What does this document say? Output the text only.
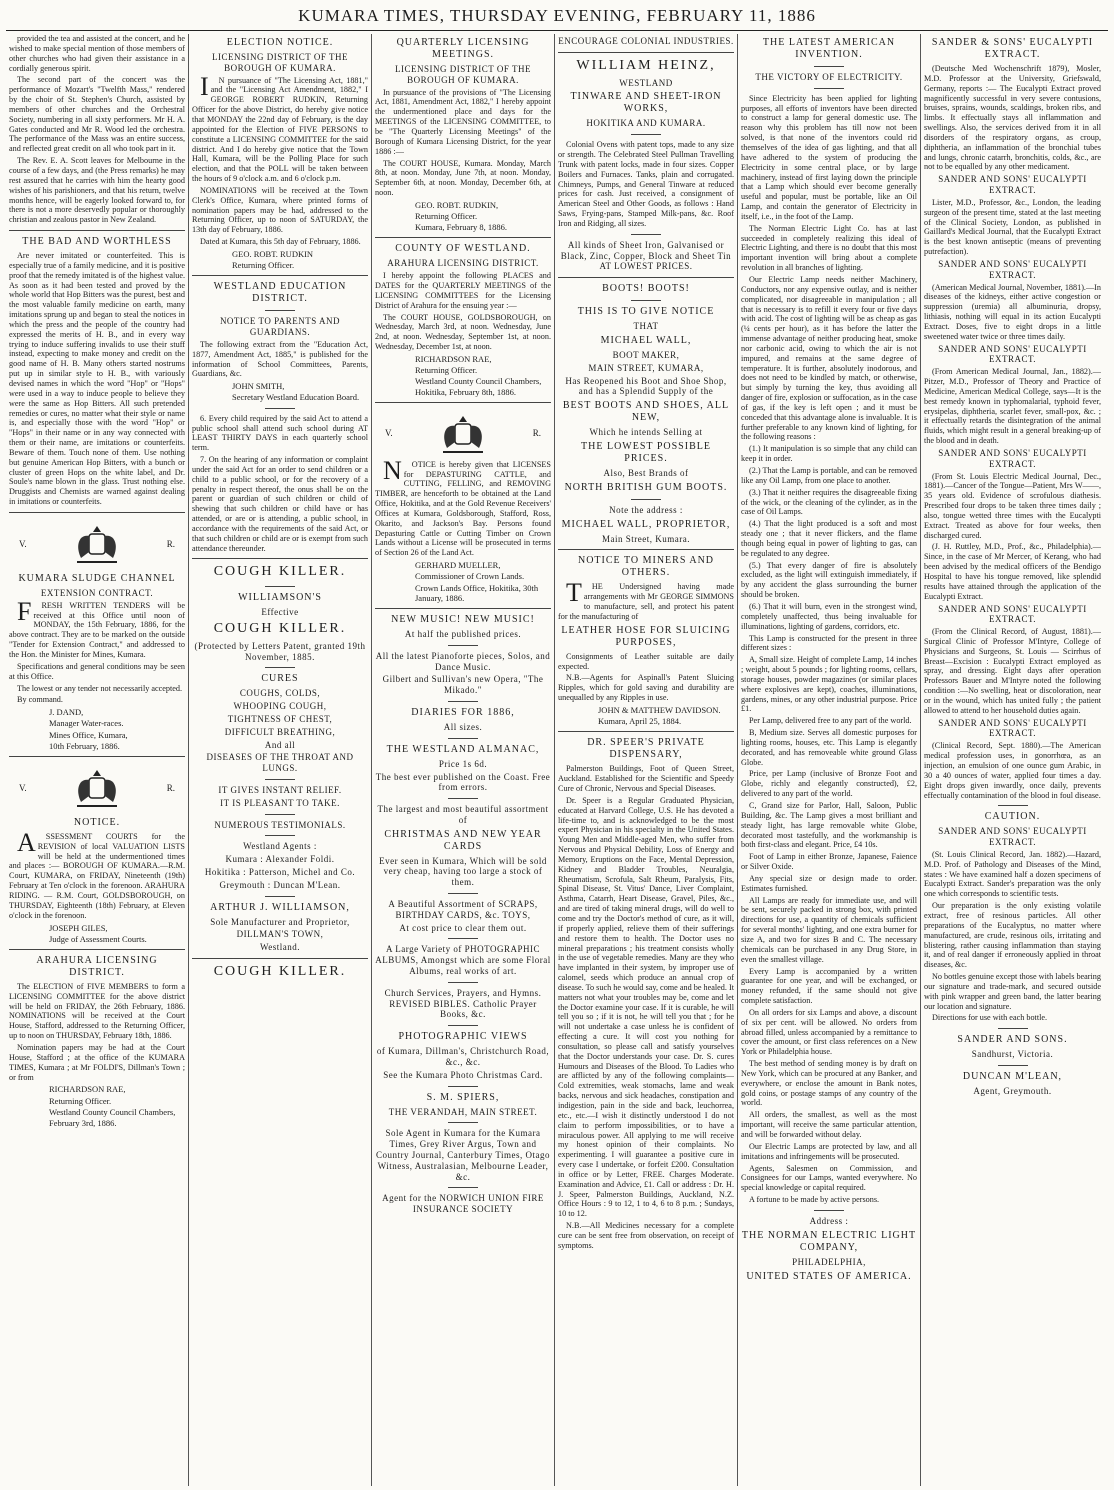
KUMARA TIMES, THURSDAY EVENING, FEBRUARY 11, 1886

provided the tea and assisted at the concert, and he wished to make special mention of those members of other churches who had given their assistance in a cordially generous spirit.

The second part of the concert was the performance of Mozart's "Twelfth Mass," rendered by the choir of St. Stephen's Church, assisted by members of other churches and the Orchestral Society, numbering in all sixty performers. Mr H. A. Gates conducted and Mr R. Wood led the orchestra. The performance of the Mass was an entire success, and reflected great credit on all who took part in it.

The Rev. E. A. Scott leaves for Melbourne in the course of a few days, and (the Press remarks) he may rest assured that he carries with him the hearty good wishes of his parishioners, and that his return, twelve months hence, will be eagerly looked forward to, for there is not a more deservedly popular or thoroughly christian and zealous pastor in New Zealand.

THE BAD AND WORTHLESS

Are never imitated or counterfeited. This is especially true of a family medicine, and it is positive proof that the remedy imitated is of the highest value. As soon as it had been tested and proved by the whole world that Hop Bitters was the purest, best and the most valuable family medicine on earth, many imitations sprung up and began to steal the notices in which the press and the people of the country had expressed the merits of H. B., and in every way trying to induce suffering invalids to use their stuff instead, expecting to make money and credit on the good name of H. B. Many others started nostrums put up in similar style to H. B., with variously devised names in which the word "Hop" or "Hops" were used in a way to induce people to believe they were the same as Hop Bitters. All such pretended remedies or cures, no matter what their style or name is, and especially those with the word "Hop" or "Hops" in their name or in any way connected with them or their name, are imitations or counterfeits. Beware of them. Touch none of them. Use nothing but genuine American Hop Bitters, with a bunch or cluster of green Hops on the white label, and Dr. Soule's name blown in the glass. Trust nothing else. Druggists and Chemists are warned against dealing in imitations or counterfeits.

V.	R.
KUMARA SLUDGE CHANNEL
EXTENSION CONTRACT.

FRESH WRITTEN TENDERS will be received at this Office until noon of MONDAY, the 15th February, 1886, for the above contract. They are to be marked on the outside "Tender for Extension Contract," and addressed to the Hon. the Minister for Mines, Kumara.

Specifications and general conditions may be seen at this Office.

The lowest or any tender not necessarily accepted.

By command.

J. DAND,
Manager Water-races.
Mines Office, Kumara,
10th February, 1886.
V.	R.
NOTICE.

ASSESSMENT COURTS for the REVISION of local VALUATION LISTS will be held at the undermentioned times and places :— BOROUGH OF KUMARA.—R.M. Court, KUMARA, on FRIDAY, Nineteenth (19th) February at Ten o'clock in the forenoon. ARAHURA RIDING. — R.M. Court, GOLDSBOROUGH, on THURSDAY, Eighteenth (18th) February, at Eleven o'clock in the forenoon.

JOSEPH GILES,
Judge of Assessment Courts.
ARAHURA LICENSING DISTRICT.

The ELECTION of FIVE MEMBERS to form a LICENSING COMMITTEE for the above district will be held on FRIDAY, the 26th February, 1886. NOMINATIONS will be received at the Court House, Stafford, addressed to the Returning Officer, up to noon on THURSDAY, February 18th, 1886.

Nomination papers may be had at the Court House, Stafford ; at the office of the KUMARA TIMES, Kumara ; at Mr FOLDI'S, Dillman's Town ; or from

RICHARDSON RAE,
Returning Officer.
Westland County Council Chambers,
February 3rd, 1886.
ELECTION NOTICE.
LICENSING DISTRICT OF THE BOROUGH OF KUMARA.

IN pursuance of "The Licensing Act, 1881," and the "Licensing Act Amendment, 1882," I GEORGE ROBERT RUDKIN, Returning Officer for the above District, do hereby give notice that MONDAY the 22nd day of February, is the day appointed for the Election of FIVE PERSONS to constitute a LICENSING COMMITTEE for the said district. And I do hereby give notice that the Town Hall, Kumara, will be the Polling Place for such election, and that the POLL will be taken between the hours of 9 o'clock a.m. and 6 o'clock p.m.

NOMINATIONS will be received at the Town Clerk's Office, Kumara, where printed forms of nomination papers may be had, addressed to the Returning Officer, up to noon of SATURDAY, the 13th day of February, 1886.

Dated at Kumara, this 5th day of February, 1886.

GEO. ROBT. RUDKIN
Returning Officer.
WESTLAND EDUCATION DISTRICT.
NOTICE TO PARENTS AND GUARDIANS.

The following extract from the "Education Act, 1877, Amendment Act, 1885," is published for the information of School Committees, Parents, Guardians, &c.

JOHN SMITH,
Secretary Westland Education Board.

6. Every child required by the said Act to attend a public school shall attend such school during AT LEAST THIRTY DAYS in each quarterly school term.

7. On the hearing of any information or complaint under the said Act for an order to send children or a child to a public school, or for the recovery of a penalty in respect thereof, the onus shall be on the parent or guardian of such children or child of shewing that such children or child have or has attended, or are or is attending, a public school, in accordance with the requirements of the said Act, or that such children or child are or is exempt from such attendance thereunder.

COUGH KILLER.
WILLIAMSON'S
Effective
COUGH KILLER.
(Protected by Letters Patent, granted 19th November, 1885.
CURES
COUGHS, COLDS,
WHOOPING COUGH,
TIGHTNESS OF CHEST,
DIFFICULT BREATHING,
And all
DISEASES OF THE THROAT AND LUNGS.
IT GIVES INSTANT RELIEF.
IT IS PLEASANT TO TAKE.
NUMEROUS TESTIMONIALS.
Westland Agents :
Kumara : Alexander Foldi.
Hokitika : Patterson, Michel and Co.
Greymouth : Duncan M'Lean.
ARTHUR J. WILLIAMSON,
Sole Manufacturer and Proprietor,
DILLMAN'S TOWN,
Westland.
COUGH KILLER.
QUARTERLY LICENSING MEETINGS.
LICENSING DISTRICT OF THE BOROUGH OF KUMARA.

In pursuance of the provisions of "The Licensing Act, 1881, Amendment Act, 1882," I hereby appoint the undermentioned place and days for the MEETINGS of the LICENSING COMMITTEE, to be "The Quarterly Licensing Meetings" of the Borough of Kumara Licensing District, for the year 1886 :—

The COURT HOUSE, Kumara. Monday, March 8th, at noon. Monday, June 7th, at noon. Monday, September 6th, at noon. Monday, December 6th, at noon.

GEO. ROBT. RUDKIN,
Returning Officer.
Kumara, February 8, 1886.
COUNTY OF WESTLAND.
ARAHURA LICENSING DISTRICT.

I hereby appoint the following PLACES and DATES for the QUARTERLY MEETINGS of the LICENSING COMMITTEES for the Licensing District of Arahura for the ensuing year :—

The COURT HOUSE, GOLDSBOROUGH, on Wednesday, March 3rd, at noon. Wednesday, June 2nd, at noon. Wednesday, September 1st, at noon. Wednesday, December 1st, at noon.

RICHARDSON RAE,
Returning Officer.
Westland County Council Chambers, Hokitika, February 8th, 1886.
V.	R.

NOTICE is hereby given that LICENSES for DEPASTURING CATTLE, and CUTTING, FELLING, and REMOVING TIMBER, are henceforth to be obtained at the Land Office, Hokitika, and at the Gold Revenue Receivers' Offices at Kumara, Goldsborough, Stafford, Ross, Okarito, and Jackson's Bay. Persons found Depasturing Cattle or Cutting Timber on Crown Lands without a License will be prosecuted in terms of Section 26 of the Land Act.

GERHARD MUELLER,
Commissioner of Crown Lands.
Crown Lands Office, Hokitika, 30th January, 1886.
NEW MUSIC! NEW MUSIC!
At half the published prices.
All the latest Pianoforte pieces, Solos, and Dance Music.
Gilbert and Sullivan's new Opera, "The Mikado."
DIARIES FOR 1886,
All sizes.
THE WESTLAND ALMANAC,
Price 1s 6d.
The best ever published on the Coast. Free from errors.
The largest and most beautiful assortment of
CHRISTMAS AND NEW YEAR CARDS
Ever seen in Kumara, Which will be sold very cheap, having too large a stock of them.
A Beautiful Assortment of SCRAPS, BIRTHDAY CARDS, &c. TOYS,
At cost price to clear them out.
A Large Variety of PHOTOGRAPHIC ALBUMS, Amongst which are some Floral Albums, real works of art.
Church Services, Prayers, and Hymns. REVISED BIBLES. Catholic Prayer Books, &c.
PHOTOGRAPHIC VIEWS
of Kumara, Dillman's, Christchurch Road, &c., &c.
See the Kumara Photo Christmas Card.
S. M. SPIERS,
THE VERANDAH, MAIN STREET.
Sole Agent in Kumara for the Kumara Times, Grey River Argus, Town and Country Journal, Canterbury Times, Otago Witness, Australasian, Melbourne Leader, &c.
Agent for the NORWICH UNION FIRE INSURANCE SOCIETY
ENCOURAGE COLONIAL INDUSTRIES.
WILLIAM HEINZ,
WESTLAND
TINWARE AND SHEET-IRON WORKS,
HOKITIKA AND KUMARA.

Colonial Ovens with patent tops, made to any size or strength. The Celebrated Steel Pullman Travelling Trunk with patent locks, made in four sizes. Copper Boilers and Furnaces. Tanks, plain and corrugated. Chimneys, Pumps, and General Tinware at reduced prices for cash. Just received, a consignment of American Steel and Other Goods, as follows : Hand Saws, Frying-pans, Stamped Milk-pans, &c. Roof Iron and Ridging, all sizes.

All kinds of Sheet Iron, Galvanised or Black, Zinc, Copper, Block and Sheet Tin AT LOWEST PRICES.
BOOTS! BOOTS!
THIS IS TO GIVE NOTICE
THAT
MICHAEL WALL,
BOOT MAKER,
MAIN STREET, KUMARA,
Has Reopened his Boot and Shoe Shop, and has a Splendid Supply of the
BEST BOOTS AND SHOES, ALL NEW,
Which he intends Selling at
THE LOWEST POSSIBLE PRICES.
Also, Best Brands of
NORTH BRITISH GUM BOOTS.
Note the address :
MICHAEL WALL, PROPRIETOR,
Main Street, Kumara.
NOTICE TO MINERS AND OTHERS.

THE Undersigned having made arrangements with Mr GEORGE SIMMONS to manufacture, sell, and protect his patent for the manufacturing of

LEATHER HOSE FOR SLUICING PURPOSES,

Consignments of Leather suitable are daily expected.

N.B.—Agents for Aspinall's Patent Sluicing Ripples, which for gold saving and durability are unequalled by any Ripples in use.

JOHN & MATTHEW DAVIDSON.
Kumara, April 25, 1884.
DR. SPEER'S PRIVATE DISPENSARY,

Palmerston Buildings, Foot of Queen Street, Auckland. Established for the Scientific and Speedy Cure of Chronic, Nervous and Special Diseases.

Dr. Speer is a Regular Graduated Physician, educated at Harvard College, U.S. He has devoted a life-time to, and is acknowledged to be the most expert Physician in his specialty in the United States. Young Men and Middle-aged Men, who suffer from Nervous and Physical Debility, Loss of Energy and Memory, Eruptions on the Face, Mental Depression, Kidney and Bladder Troubles, Neuralgia, Rheumatism, Scrofula, Salt Rheum, Paralysis, Fits, Spinal Disease, St. Vitus' Dance, Liver Complaint, Asthma, Catarrh, Heart Disease, Gravel, Piles, &c., and are tired of taking mineral drugs, will do well to come and try the Doctor's method of cure, as it will, if properly applied, relieve them of their sufferings and restore them to health. The Doctor uses no mineral preparations ; his treatment consists wholly in the use of vegetable remedies. Many are they who have implanted in their system, by improper use of calomel, seeds which produce an annual crop of disease. To such he would say, come and be healed. It matters not what your troubles may be, come and let the Doctor examine your case. If it is curable, he will tell you so ; if it is not, he will tell you that ; for he will not undertake a case unless he is confident of effecting a cure. It will cost you nothing for consultation, so please call and satisfy yourselves that the Doctor understands your case. Dr. S. cures Humours and Diseases of the Blood. To Ladies who are afflicted by any of the following complaints—Cold extremities, weak stomachs, lame and weak backs, nervous and sick headaches, constipation and indigestion, pain in the side and back, leuchorrea, etc., etc.—I wish it distinctly understood I do not claim to perform impossibilities, or to have a miraculous power. All applying to me will receive my honest opinion of their complaints. No experimenting. I will guarantee a positive cure in every case I undertake, or forfeit £200. Consultation in office or by Letter, FREE. Charges Moderate. Examination and Advice, £1. Call or address : Dr. H. J. Speer, Palmerston Buildings, Auckland, N.Z. Office Hours : 9 to 12, 1 to 4, 6 to 8 p.m. ; Sundays, 10 to 12.

N.B.—All Medicines necessary for a complete cure can be sent free from observation, on receipt of symptoms.

THE LATEST AMERICAN INVENTION.
THE VICTORY OF ELECTRICITY.

Since Electricity has been applied for lighting purposes, all efforts of inventors have been directed to construct a lamp for general domestic use. The reason why this problem has till now not been solved, is that none of the inventors could rid themselves of the idea of gas lighting, and that all have adhered to the system of producing the Electricity in some central place, or by large machinery, instead of first laying down the principle that a Lamp which should ever become generally useful and popular, must be portable, like an Oil Lamp, and contain the generator of Electricity in itself, i.e., in the foot of the Lamp.

The Norman Electric Light Co. has at last succeeded in completely realizing this ideal of Electric Lighting, and there is no doubt that this most important invention will bring about a complete revolution in all branches of lighting.

Our Electric Lamp needs neither Machinery, Conductors, nor any expensive outlay, and is neither complicated, nor disagreeable in manipulation ; all that is necessary is to refill it every four or five days with acid. The cost of lighting will be as cheap as gas (¼ cents per hour), as it has before the latter the immense advantage of neither producing heat, smoke nor carbonic acid, owing to which the air is not impured, and remains at the same degree of temperature. It is further, absolutely inodorous, and does not need to be kindled by match, or otherwise, but simply by turning the key, thus avoiding all danger of fire, explosion or suffocation, as in the case of gas, if the key is left open ; and it must be conceded that this advantage alone is invaluable. It is further preferable to any known kind of lighting, for the following reasons :

(1.) It manipulation is so simple that any child can keep it in order.

(2.) That the Lamp is portable, and can be removed like any Oil Lamp, from one place to another.

(3.) That it neither requires the disagreeable fixing of the wick, or the cleaning of the cylinder, as in the case of Oil Lamps.

(4.) That the light produced is a soft and most steady one ; that it never flickers, and the flame though being equal in power of lighting to gas, can be regulated to any degree.

(5.) That every danger of fire is absolutely excluded, as the light will extinguish immediately, if by any accident the glass surrounding the burner should be broken.

(6.) That it will burn, even in the strongest wind, completely unaffected, thus being invaluable for illuminations, lighting of gardens, corridors, etc.

This Lamp is constructed for the present in three different sizes :

A, Small size. Height of complete Lamp, 14 inches ; weight, about 5 pounds ; for lighting rooms, cellars, storage houses, powder magazines (or similar places where explosives are kept), coaches, illuminations, gardens, mines, or any other industrial purpose. Price £1.

Per Lamp, delivered free to any part of the world.

B, Medium size. Serves all domestic purposes for lighting rooms, houses, etc. This Lamp is elegantly decorated, and has removeable white ground Glass Globe.

Price, per Lamp (inclusive of Bronze Foot and Globe, richly and elegantly constructed), £2, delivered to any part of the world.

C, Grand size for Parlor, Hall, Saloon, Public Building, &c. The Lamp gives a most brilliant and steady light, has large removable white Globe, decorated most tastefully, and the workmanship is both first-class and elegant. Price, £4 10s.

Foot of Lamp in either Bronze, Japanese, Faience or Silver Oxide.

Any special size or design made to order. Estimates furnished.

All Lamps are ready for immediate use, and will be sent, securely packed in strong box, with printed directions for use, a quantity of chemicals sufficient for several months' lighting, and one extra burner for size A, and two for sizes B and C. The necessary chemicals can be purchased in any Drug Store, in even the smallest village.

Every Lamp is accompanied by a written guarantee for one year, and will be exchanged, or money refunded, if the same should not give complete satisfaction.

On all orders for six Lamps and above, a discount of six per cent. will be allowed. No orders from abroad filled, unless accompanied by a remittance to cover the amount, or first class references on a New York or Philadelphia house.

The best method of sending money is by draft on New York, which can be procured at any Banker, and everywhere, or enclose the amount in Bank notes, gold coins, or postage stamps of any country of the world.

All orders, the smallest, as well as the most important, will receive the same particular attention, and will be forwarded without delay.

Our Electric Lamps are protected by law, and all imitations and infringements will be prosecuted.

Agents, Salesmen on Commission, and Consignees for our Lamps, wanted everywhere. No special knowledge or capital required.

A fortune to be made by active persons.

Address :
THE NORMAN ELECTRIC LIGHT COMPANY,
PHILADELPHIA,
UNITED STATES OF AMERICA.
SANDER & SONS' EUCALYPTI EXTRACT.

(Deutsche Med Wochenschrift 1879), Mosler, M.D. Professor at the University, Griefswald, Germany, reports :— The Eucalypti Extract proved magnificently successful in very severe contusions, bruises, sprains, wounds, scaldings, broken ribs, and limbs. It effectually stays all inflammation and swellings. Also, the services derived from it in all disorders of the respiratory organs, as croup, diphtheria, an inflammation of the bronchial tubes and lungs, chronic catarrh, bronchitis, colds, &c., are not to be equalled by any other medicament.

SANDER AND SONS' EUCALYPTI EXTRACT.

Lister, M.D., Professor, &c., London, the leading surgeon of the present time, stated at the last meeting of the Clinical Society, London, as published in Gaillard's Medical Journal, that the Eucalypti Extract is the best known antiseptic (means of preventing putrefaction).

SANDER AND SONS' EUCALYPTI EXTRACT.

(American Medical Journal, November, 1881).—In diseases of the kidneys, either active congestion or suppression (uremia) all albuminuria, dropsy, lithiasis, nothing will equal in its action Eucalypti Extract. Doses, five to eight drops in a little sweetened water twice or three times daily.

SANDER AND SONS' EUCALYPTI EXTRACT.

(From American Medical Journal, Jan., 1882).—Pitzer, M.D., Professor of Theory and Practice of Medicine, American Medical College, says—It is the best remedy known in typhomalarial, typhoid fever, erysipelas, diphtheria, scarlet fever, small-pox, &c. ; it effectually retards the disintegration of the animal fluids, which might result in a general breaking-up of the blood and in death.

SANDER AND SONS' EUCALYPTI EXTRACT.

(From St. Louis Electric Medical Journal, Dec., 1881).—Cancer of the Tongue—Patient, Mrs W——, 35 years old. Evidence of scrofulous diathesis. Prescribed four drops to be taken three times daily ; also, tongue wetted three times with the Eucalypti Extract. Treated as above for four weeks, then discharged cured.

(J. H. Ruttley, M.D., Prof., &c., Philadelphia).—Since, in the case of Mr Mercer, of Kerang, who had been advised by the medical officers of the Bendigo Hospital to have his tongue removed, like splendid results have attained through the application of the Eucalypti Extract.

SANDER AND SONS' EUCALYPTI EXTRACT.

(From the Clinical Record, of August, 1881).—Surgical Clinic of Professor M'Intyre, College of Physicians and Surgeons, St. Louis — Scirrhus of Breast—Excision : Eucalypti Extract employed as spray, and dressing. Eight days after operation Professors Bauer and M'Intyre noted the following condition :—No swelling, heat or discoloration, near or in the wound, which has united fully ; the patient allowed to attend to her household duties again.

SANDER AND SONS' EUCALYPTI EXTRACT.

(Clinical Record, Sept. 1880).—The American medical profession uses, in gonorrhœa, as an injection, an emulsion of one ounce gum Arabic, in 30 a 40 ounces of water, applied four times a day. Eight drops given inwardly, once daily, prevents effectually contamination of the blood in foul disease.

CAUTION.
SANDER AND SONS' EUCALYPTI EXTRACT.

(St. Louis Clinical Record, Jan. 1882).—Hazard, M.D. Prof. of Pathology and Diseases of the Mind, states : We have examined half a dozen specimens of Eucalypti Extract. Sander's preparation was the only one which corresponds to scientific tests.

Our preparation is the only existing volatile extract, free of resinous particles. All other preparations of the Eucalyptus, no matter where manufactured, are crude, resinous oils, irritating and blistering, rather causing inflammation than staying it, and of real danger if erroneously applied in throat diseases, &c.

No bottles genuine except those with labels bearing our signature and trade-mark, and secured outside with pink wrapper and green band, the latter bearing our location and signature.

Directions for use with each bottle.

SANDER AND SONS.
Sandhurst, Victoria.
DUNCAN M'LEAN,
Agent, Greymouth.
